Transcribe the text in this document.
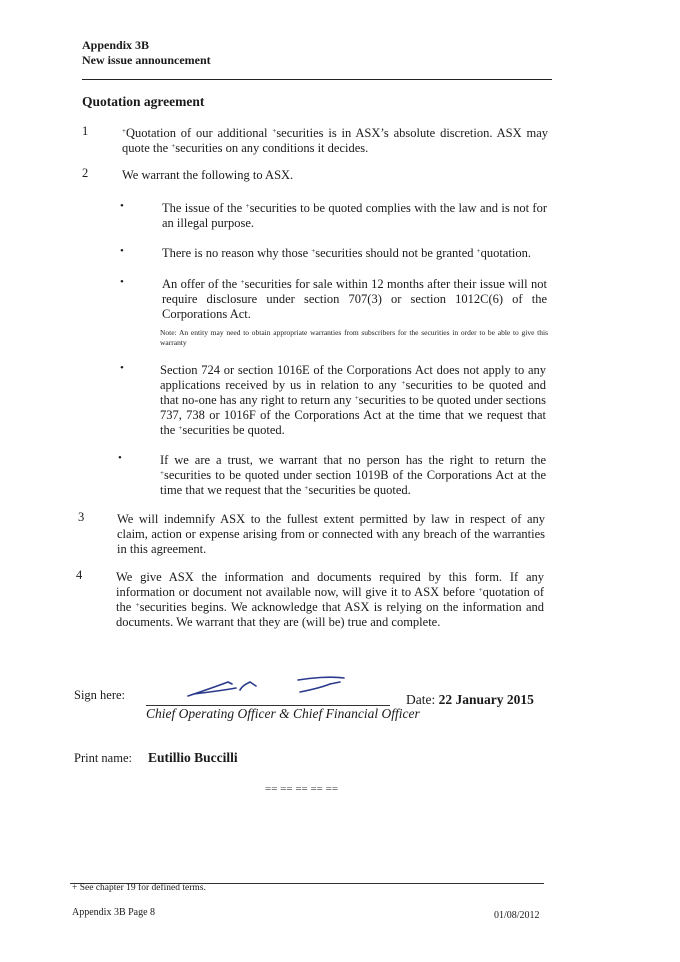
Appendix 3B
New issue announcement
Quotation agreement
1	+Quotation of our additional +securities is in ASX’s absolute discretion. ASX may quote the +securities on any conditions it decides.
2	We warrant the following to ASX.
•	The issue of the +securities to be quoted complies with the law and is not for an illegal purpose.
•	There is no reason why those +securities should not be granted +quotation.
•	An offer of the +securities for sale within 12 months after their issue will not require disclosure under section 707(3) or section 1012C(6) of the Corporations Act.
Note: An entity may need to obtain appropriate warranties from subscribers for the securities in order to be able to give this warranty
•	Section 724 or section 1016E of the Corporations Act does not apply to any applications received by us in relation to any +securities to be quoted and that no-one has any right to return any +securities to be quoted under sections 737, 738 or 1016F of the Corporations Act at the time that we request that the +securities be quoted.
•	If we are a trust, we warrant that no person has the right to return the +securities to be quoted under section 1019B of the Corporations Act at the time that we request that the +securities be quoted.
3	We will indemnify ASX to the fullest extent permitted by law in respect of any claim, action or expense arising from or connected with any breach of the warranties in this agreement.
4	We give ASX the information and documents required by this form. If any information or document not available now, will give it to ASX before +quotation of the +securities begins. We acknowledge that ASX is relying on the information and documents. We warrant that they are (will be) true and complete.
Sign here:
Chief Operating Officer & Chief Financial Officer
Date: 22 January 2015
Print name: Eutillio Buccilli
== == == == ==
+ See chapter 19 for defined terms.
Appendix 3B Page 8	01/08/2012
